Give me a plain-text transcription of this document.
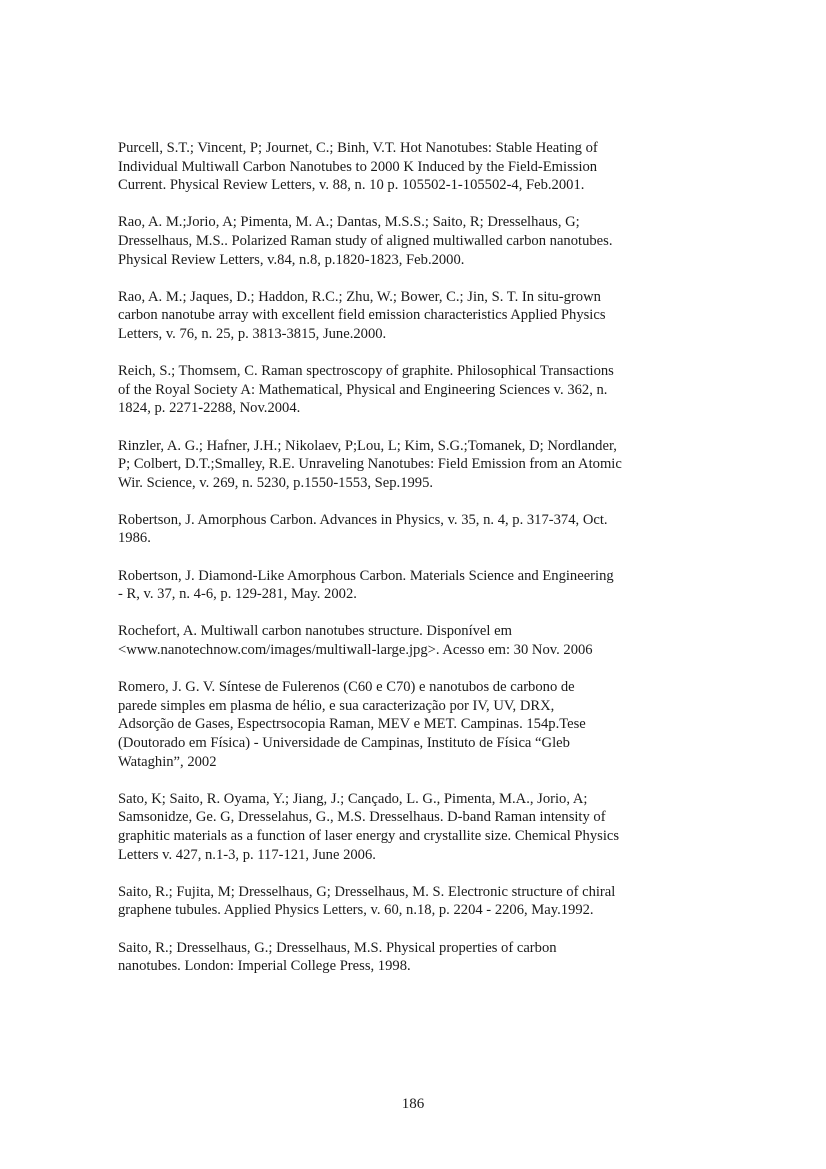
Purcell, S.T.; Vincent, P; Journet, C.; Binh, V.T. Hot Nanotubes: Stable Heating of
Individual Multiwall Carbon Nanotubes to 2000 K Induced by the Field-Emission
Current. Physical Review Letters, v. 88, n. 10 p. 105502-1-105502-4, Feb.2001.

Rao, A. M.;Jorio, A; Pimenta, M. A.; Dantas, M.S.S.; Saito, R; Dresselhaus, G;
Dresselhaus, M.S.. Polarized Raman study of aligned multiwalled carbon nanotubes.
Physical Review Letters, v.84, n.8, p.1820-1823, Feb.2000.

Rao, A. M.; Jaques, D.; Haddon, R.C.; Zhu, W.; Bower, C.; Jin, S. T. In situ-grown
carbon nanotube array with excellent field emission characteristics Applied Physics
Letters, v. 76, n. 25, p. 3813-3815, June.2000.

Reich, S.; Thomsem, C. Raman spectroscopy of graphite. Philosophical Transactions
of the Royal Society A: Mathematical, Physical and Engineering Sciences v. 362, n.
1824, p. 2271-2288, Nov.2004.

Rinzler, A. G.; Hafner, J.H.; Nikolaev, P;Lou, L; Kim, S.G.;Tomanek, D; Nordlander,
P; Colbert, D.T.;Smalley, R.E. Unraveling Nanotubes: Field Emission from an Atomic
Wir. Science, v. 269, n. 5230, p.1550-1553, Sep.1995.

Robertson, J. Amorphous Carbon. Advances in Physics, v. 35, n. 4, p. 317-374, Oct.
1986.

Robertson, J. Diamond-Like Amorphous Carbon. Materials Science and Engineering
- R, v. 37, n. 4-6, p. 129-281, May. 2002.

Rochefort, A. Multiwall carbon nanotubes structure. Disponível em
<www.nanotechnow.com/images/multiwall-large.jpg>. Acesso em: 30 Nov. 2006

Romero, J. G. V. Síntese de Fulerenos (C60 e C70) e nanotubos de carbono de
parede simples em plasma de hélio, e sua caracterização por IV, UV, DRX,
Adsorção de Gases, Espectrsocopia Raman, MEV e MET. Campinas. 154p.Tese
(Doutorado em Física) - Universidade de Campinas, Instituto de Física “Gleb
Wataghin”, 2002

Sato, K; Saito, R. Oyama, Y.; Jiang, J.; Cançado, L. G., Pimenta, M.A., Jorio, A;
Samsonidze, Ge. G, Dresselahus, G., M.S. Dresselhaus. D-band Raman intensity of
graphitic materials as a function of laser energy and crystallite size. Chemical Physics
Letters v. 427, n.1-3, p. 117-121, June 2006.

Saito, R.; Fujita, M; Dresselhaus, G; Dresselhaus, M. S. Electronic structure of chiral
graphene tubules. Applied Physics Letters, v. 60, n.18, p. 2204 - 2206, May.1992.

Saito, R.; Dresselhaus, G.; Dresselhaus, M.S. Physical properties of carbon
nanotubes. London: Imperial College Press, 1998.

186
